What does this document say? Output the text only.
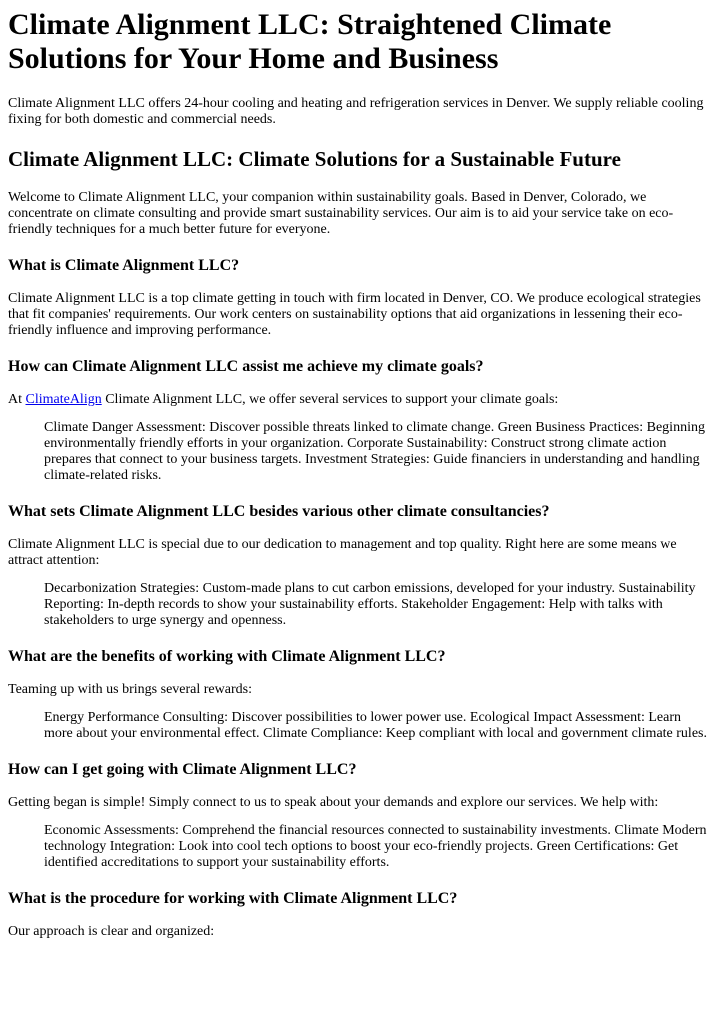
Climate Alignment LLC: Straightened Climate Solutions for Your Home and Business

Climate Alignment LLC offers 24-hour cooling and heating and refrigeration services in Denver. We supply reliable cooling fixing for both domestic and commercial needs.

Climate Alignment LLC: Climate Solutions for a Sustainable Future

Welcome to Climate Alignment LLC, your companion within sustainability goals. Based in Denver, Colorado, we concentrate on climate consulting and provide smart sustainability services. Our aim is to aid your service take on eco-friendly techniques for a much better future for everyone.

What is Climate Alignment LLC?

Climate Alignment LLC is a top climate getting in touch with firm located in Denver, CO. We produce ecological strategies that fit companies' requirements. Our work centers on sustainability options that aid organizations in lessening their eco-friendly influence and improving performance.

How can Climate Alignment LLC assist me achieve my climate goals?

At ClimateAlign Climate Alignment LLC, we offer several services to support your climate goals:

Climate Danger Assessment: Discover possible threats linked to climate change. Green Business Practices: Beginning environmentally friendly efforts in your organization. Corporate Sustainability: Construct strong climate action prepares that connect to your business targets. Investment Strategies: Guide financiers in understanding and handling climate-related risks.
What sets Climate Alignment LLC besides various other climate consultancies?

Climate Alignment LLC is special due to our dedication to management and top quality. Right here are some means we attract attention:

Decarbonization Strategies: Custom-made plans to cut carbon emissions, developed for your industry. Sustainability Reporting: In-depth records to show your sustainability efforts. Stakeholder Engagement: Help with talks with stakeholders to urge synergy and openness.
What are the benefits of working with Climate Alignment LLC?

Teaming up with us brings several rewards:

Energy Performance Consulting: Discover possibilities to lower power use. Ecological Impact Assessment: Learn more about your environmental effect. Climate Compliance: Keep compliant with local and government climate rules.
How can I get going with Climate Alignment LLC?

Getting began is simple! Simply connect to us to speak about your demands and explore our services. We help with:

Economic Assessments: Comprehend the financial resources connected to sustainability investments. Climate Modern technology Integration: Look into cool tech options to boost your eco-friendly projects. Green Certifications: Get identified accreditations to support your sustainability efforts.
What is the procedure for working with Climate Alignment LLC?

Our approach is clear and organized:
